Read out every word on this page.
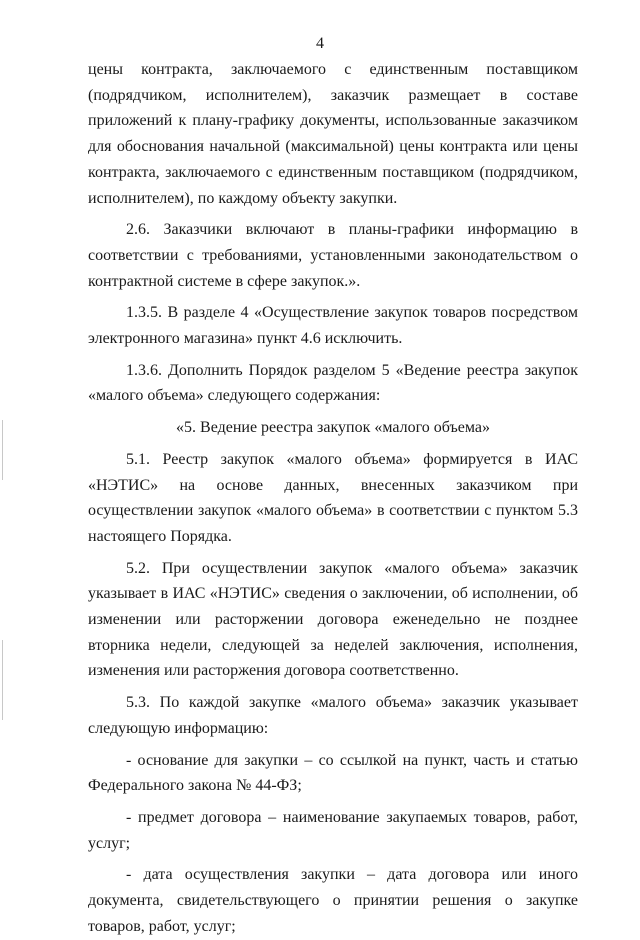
4

цены контракта, заключаемого с единственным поставщиком (подрядчиком, исполнителем), заказчик размещает в составе приложений к плану-графику документы, использованные заказчиком для обоснования начальной (максимальной) цены контракта или цены контракта, заключаемого с единственным поставщиком (подрядчиком, исполнителем), по каждому объекту закупки.

2.6. Заказчики включают в планы-графики информацию в соответствии с требованиями, установленными законодательством о контрактной системе в сфере закупок.».

1.3.5. В разделе 4 «Осуществление закупок товаров посредством электронного магазина» пункт 4.6 исключить.

1.3.6. Дополнить Порядок разделом 5 «Ведение реестра закупок «малого объема» следующего содержания:

«5. Ведение реестра закупок «малого объема»

5.1. Реестр закупок «малого объема» формируется в ИАС «НЭТИС» на основе данных, внесенных заказчиком при осуществлении закупок «малого объема» в соответствии с пунктом 5.3 настоящего Порядка.

5.2. При осуществлении закупок «малого объема» заказчик указывает в ИАС «НЭТИС» сведения о заключении, об исполнении, об изменении или расторжении договора еженедельно не позднее вторника недели, следующей за неделей заключения, исполнения, изменения или расторжения договора соответственно.

5.3. По каждой закупке «малого объема» заказчик указывает следующую информацию:

- основание для закупки – со ссылкой на пункт, часть и статью Федерального закона № 44-ФЗ;

- предмет договора – наименование закупаемых товаров, работ, услуг;

- дата осуществления закупки – дата договора или иного документа, свидетельствующего о принятии решения о закупке товаров, работ, услуг;
